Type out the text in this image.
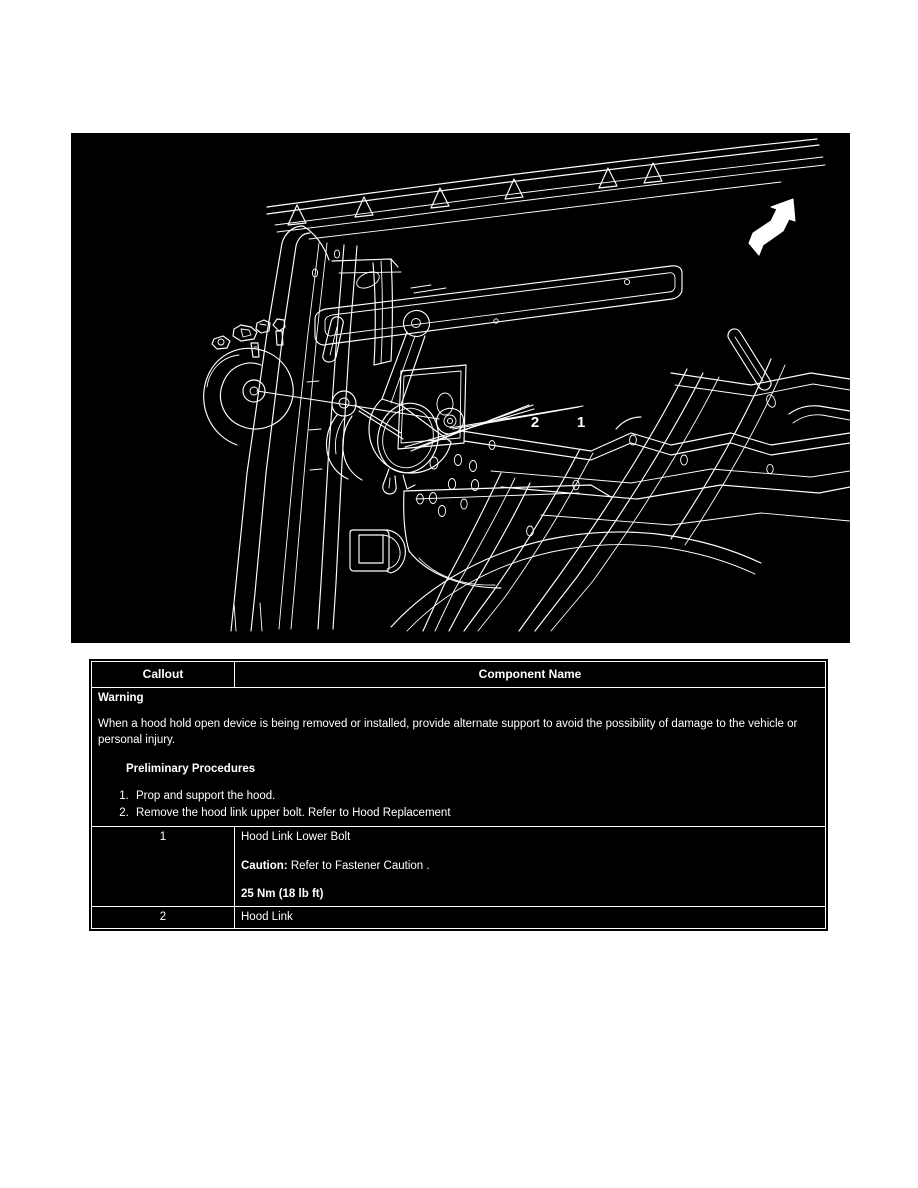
2	1
Callout	Component Name

Warning

When a hood hold open device is being removed or installed, provide alternate support to avoid the possibility of damage to the vehicle or personal injury.

Preliminary Procedures

1. Prop and support the hood.
2. Remove the hood link upper bolt. Refer to Hood Replacement

1	Hood Link Lower Bolt

Caution: Refer to Fastener Caution .

25 Nm (18 lb ft)

2	Hood Link
